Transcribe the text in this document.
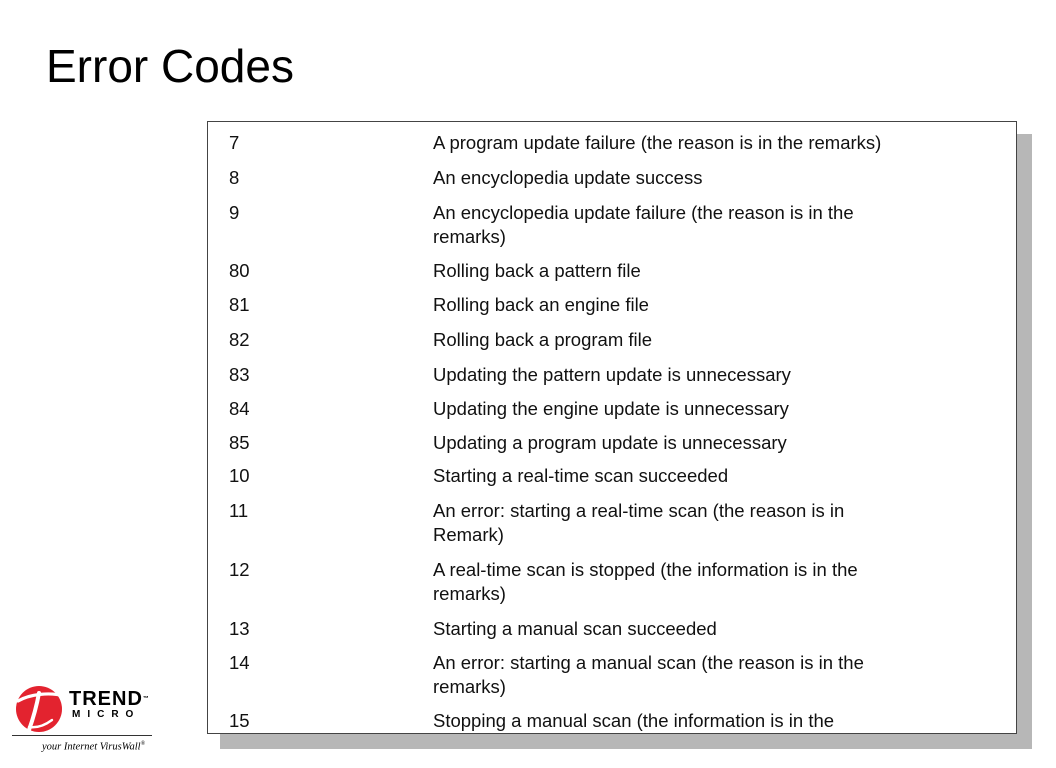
Error Codes
7	A program update failure (the reason is in the remarks)
8	An encyclopedia update success
9	An encyclopedia update failure (the reason is in the
remarks)
80	Rolling back a pattern file
81	Rolling back an engine file
82	Rolling back a program file
83	Updating the pattern update is unnecessary
84	Updating the engine update is unnecessary
85	Updating a program update is unnecessary
10	Starting a real-time scan succeeded
11	An error: starting a real-time scan (the reason is in
Remark)
12	A real-time scan is stopped (the information is in the
remarks)
13	Starting a manual scan succeeded
14	An error: starting a manual scan (the reason is in the
remarks)
15	Stopping a manual scan (the information is in the
TREND™
MICRO
your Internet VirusWall®
